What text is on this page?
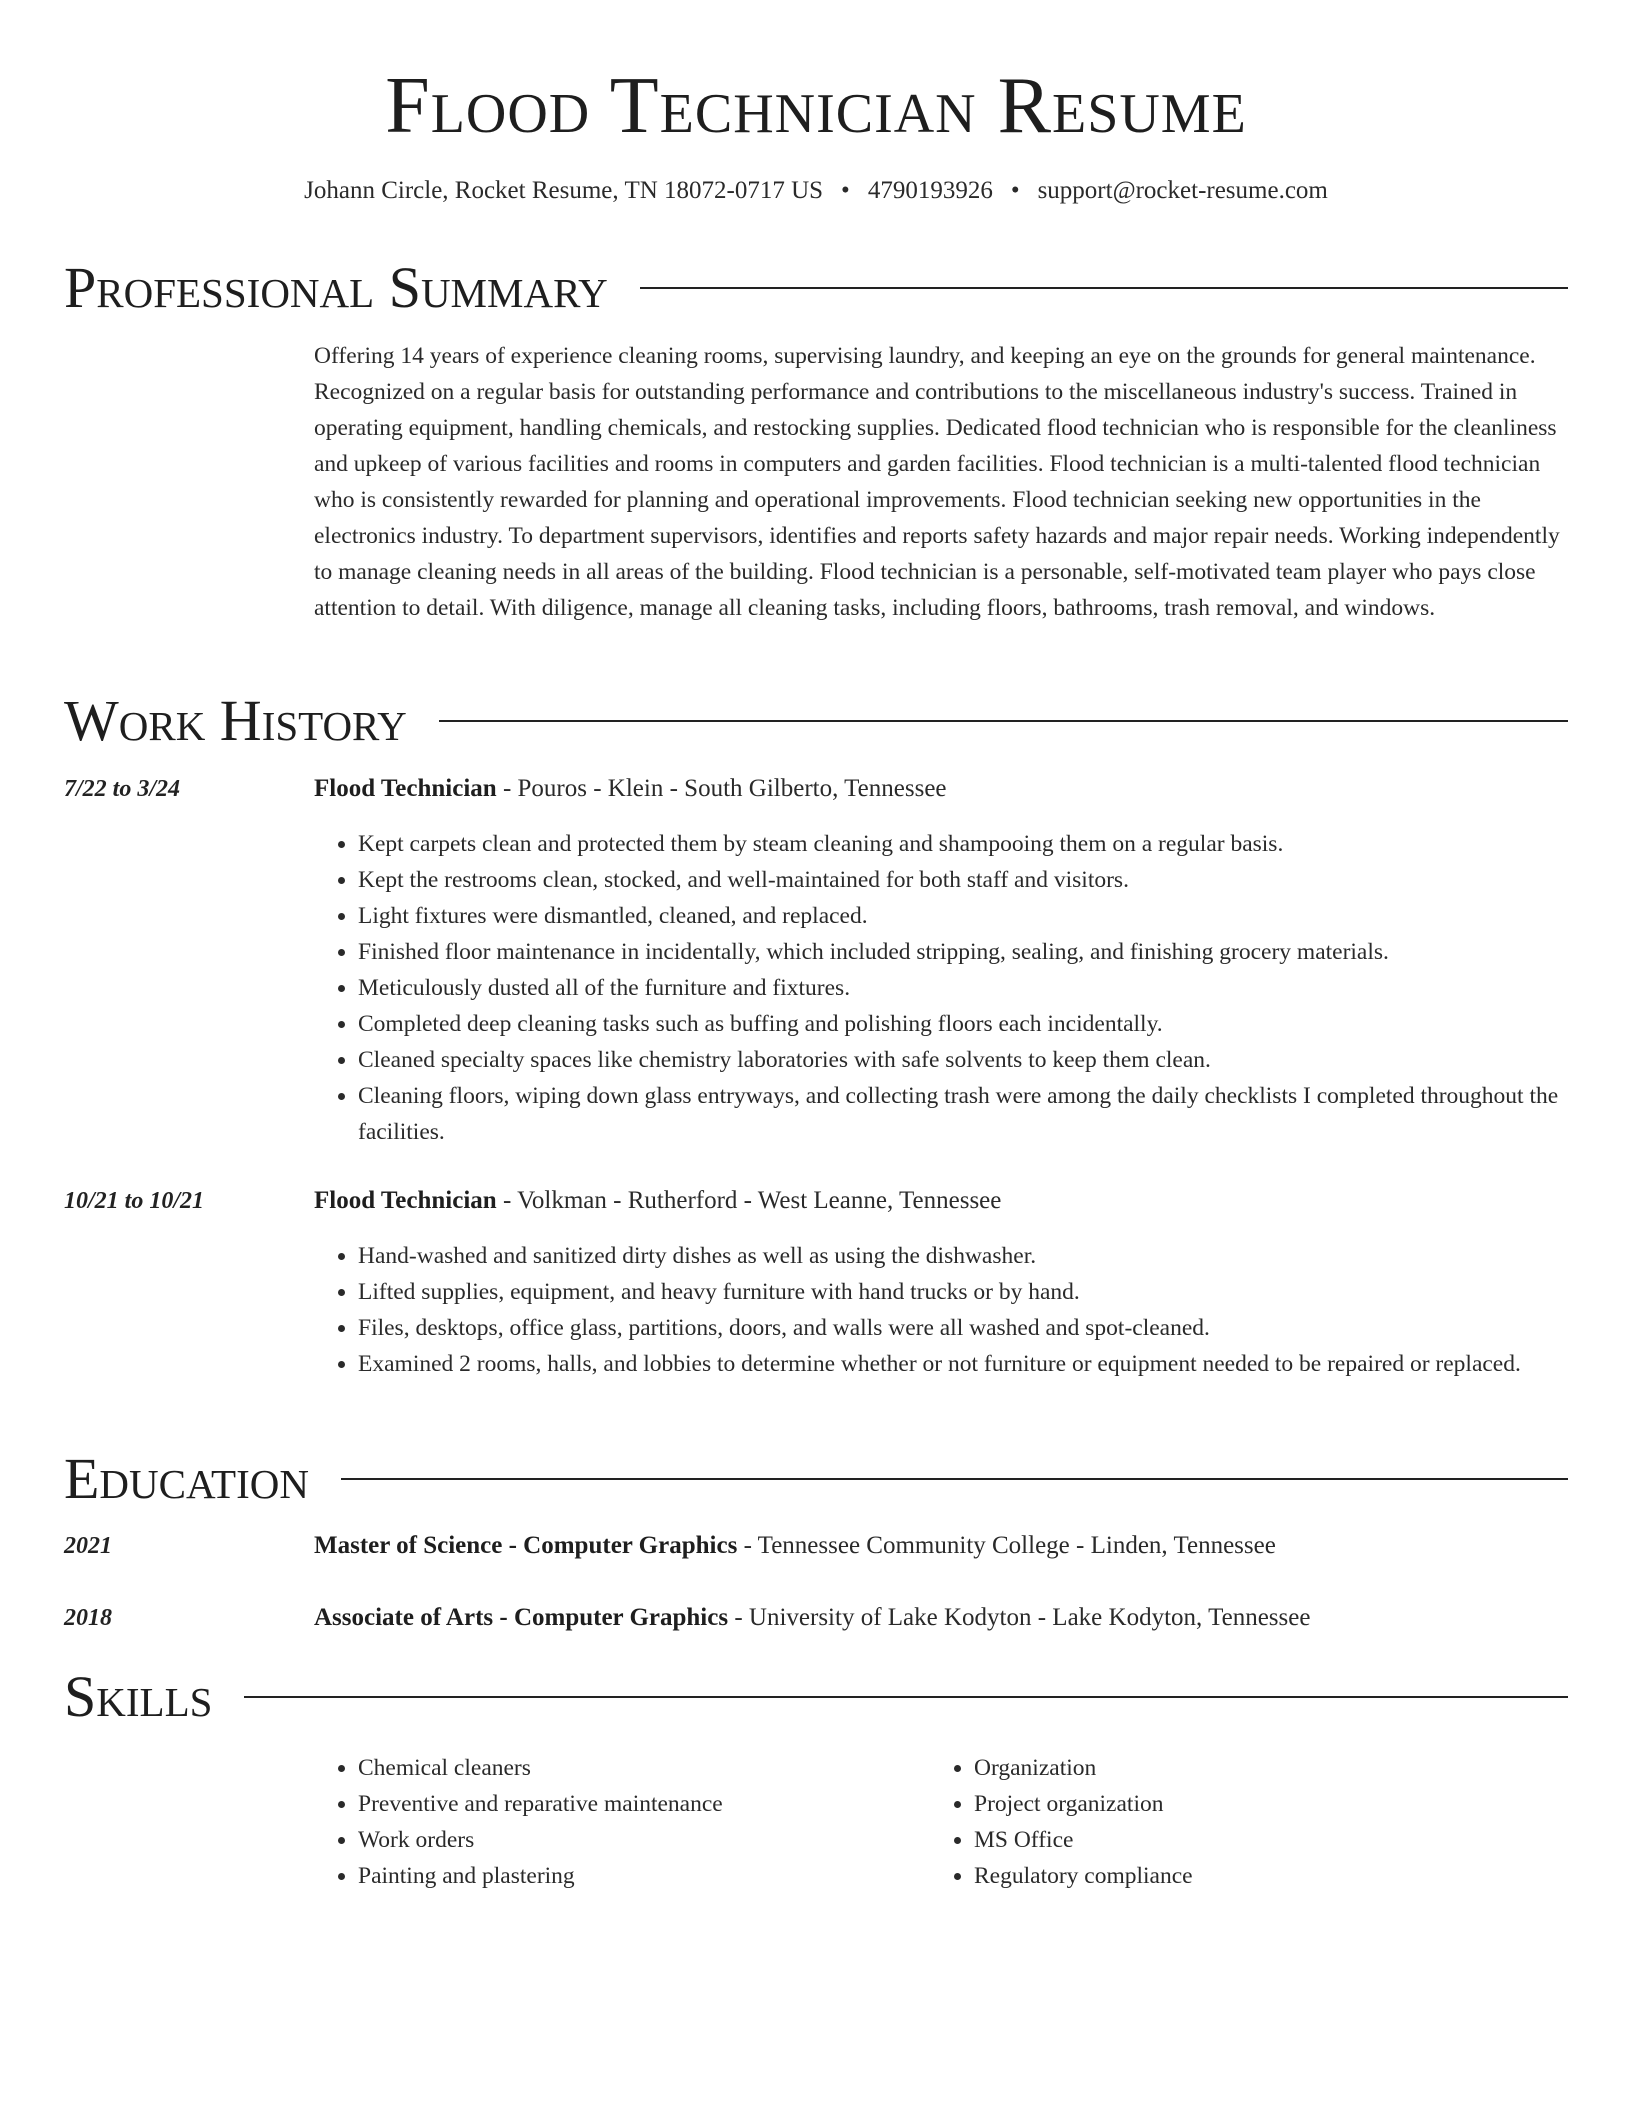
Flood Technician Resume
Johann Circle, Rocket Resume, TN 18072-0717 US • 4790193926 • support@rocket-resume.com
Professional Summary

Offering 14 years of experience cleaning rooms, supervising laundry, and keeping an eye on the grounds for general maintenance. Recognized on a regular basis for outstanding performance and contributions to the miscellaneous industry's success. Trained in operating equipment, handling chemicals, and restocking supplies. Dedicated flood technician who is responsible for the cleanliness and upkeep of various facilities and rooms in computers and garden facilities. Flood technician is a multi-talented flood technician who is consistently rewarded for planning and operational improvements. Flood technician seeking new opportunities in the electronics industry. To department supervisors, identifies and reports safety hazards and major repair needs. Working independently to manage cleaning needs in all areas of the building. Flood technician is a personable, self-motivated team player who pays close attention to detail. With diligence, manage all cleaning tasks, including floors, bathrooms, trash removal, and windows.

Work History
7/22 to 3/24	Flood Technician - Pouros - Klein - South Gilberto, Tennessee
• Kept carpets clean and protected them by steam cleaning and shampooing them on a regular basis.
• Kept the restrooms clean, stocked, and well-maintained for both staff and visitors.
• Light fixtures were dismantled, cleaned, and replaced.
• Finished floor maintenance in incidentally, which included stripping, sealing, and finishing grocery materials.
• Meticulously dusted all of the furniture and fixtures.
• Completed deep cleaning tasks such as buffing and polishing floors each incidentally.
• Cleaned specialty spaces like chemistry laboratories with safe solvents to keep them clean.
• Cleaning floors, wiping down glass entryways, and collecting trash were among the daily checklists I completed throughout the facilities.
10/21 to 10/21	Flood Technician - Volkman - Rutherford - West Leanne, Tennessee
• Hand-washed and sanitized dirty dishes as well as using the dishwasher.
• Lifted supplies, equipment, and heavy furniture with hand trucks or by hand.
• Files, desktops, office glass, partitions, doors, and walls were all washed and spot-cleaned.
• Examined 2 rooms, halls, and lobbies to determine whether or not furniture or equipment needed to be repaired or replaced.
Education
2021	Master of Science - Computer Graphics - Tennessee Community College - Linden, Tennessee
2018	Associate of Arts - Computer Graphics - University of Lake Kodyton - Lake Kodyton, Tennessee
Skills
• Chemical cleaners
• Preventive and reparative maintenance
• Work orders
• Painting and plastering
• Organization
• Project organization
• MS Office
• Regulatory compliance
